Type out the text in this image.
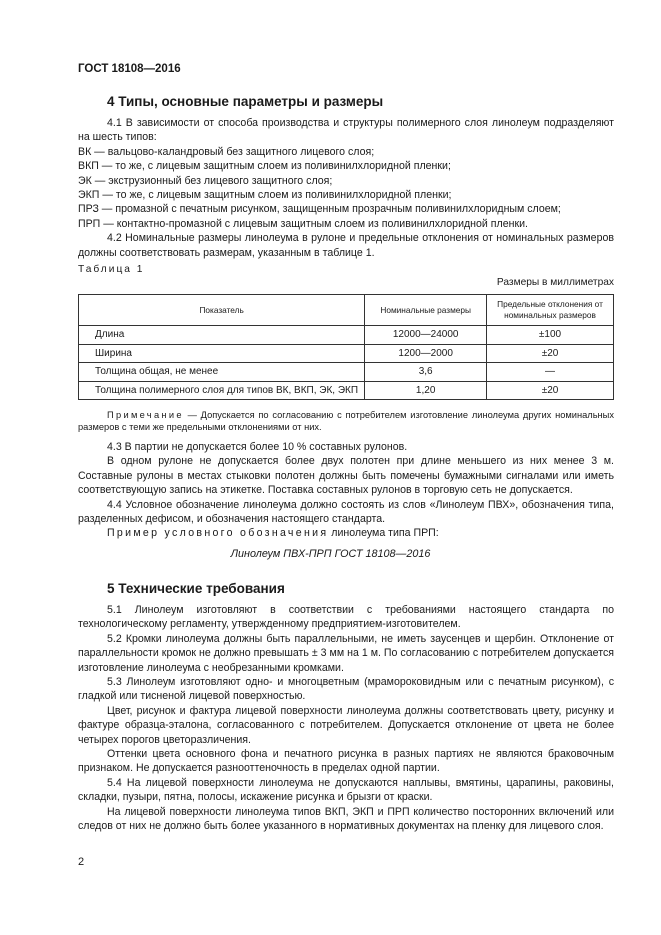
ГОСТ 18108—2016
4 Типы, основные параметры и размеры

4.1 В зависимости от способа производства и структуры полимерного слоя линолеум подразделяют на шесть типов:

ВК — вальцово-каландровый без защитного лицевого слоя;

ВКП — то же, с лицевым защитным слоем из поливинилхлоридной пленки;

ЭК — экструзионный без лицевого защитного слоя;

ЭКП — то же, с лицевым защитным слоем из поливинилхлоридной пленки;

ПРЗ — промазной с печатным рисунком, защищенным прозрачным поливинилхлоридным слоем;

ПРП — контактно-промазной с лицевым защитным слоем из поливинилхлоридной пленки.

4.2 Номинальные размеры линолеума в рулоне и предельные отклонения от номинальных размеров должны соответствовать размерам, указанным в таблице 1.

Таблица 1
Размеры в миллиметрах
Показатель	Номинальные размеры	Предельные отклонения от номинальных размеров
Длина	12000—24000	±100
Ширина	1200—2000	±20
Толщина общая, не менее	3,6	—
Толщина полимерного слоя для типов ВК, ВКП, ЭК, ЭКП	1,20	±20

Примечание — Допускается по согласованию с потребителем изготовление линолеума других номинальных размеров с теми же предельными отклонениями от них.

4.3 В партии не допускается более 10 % составных рулонов.

В одном рулоне не допускается более двух полотен при длине меньшего из них менее 3 м. Составные рулоны в местах стыковки полотен должны быть помечены бумажными сигналами или иметь соответствующую запись на этикетке. Поставка составных рулонов в торговую сеть не допускается.

4.4 Условное обозначение линолеума должно состоять из слов «Линолеум ПВХ», обозначения типа, разделенных дефисом, и обозначения настоящего стандарта.

Пример условного обозначения линолеума типа ПРП:

Линолеум ПВХ-ПРП ГОСТ 18108—2016
5 Технические требования

5.1 Линолеум изготовляют в соответствии с требованиями настоящего стандарта по технологическому регламенту, утвержденному предприятием-изготовителем.

5.2 Кромки линолеума должны быть параллельными, не иметь заусенцев и щербин. Отклонение от параллельности кромок не должно превышать ± 3 мм на 1 м. По согласованию с потребителем допускается изготовление линолеума с необрезанными кромками.

5.3 Линолеум изготовляют одно- и многоцветным (мрамороковидным или с печатным рисунком), с гладкой или тисненой лицевой поверхностью.

Цвет, рисунок и фактура лицевой поверхности линолеума должны соответствовать цвету, рисунку и фактуре образца-эталона, согласованного с потребителем. Допускается отклонение от цвета не более четырех порогов цветоразличения.

Оттенки цвета основного фона и печатного рисунка в разных партиях не являются браковочным признаком. Не допускается разнооттеночность в пределах одной партии.

5.4 На лицевой поверхности линолеума не допускаются наплывы, вмятины, царапины, раковины, складки, пузыри, пятна, полосы, искажение рисунка и брызги от краски.

На лицевой поверхности линолеума типов ВКП, ЭКП и ПРП количество посторонних включений или следов от них не должно быть более указанного в нормативных документах на пленку для лицевого слоя.

2
